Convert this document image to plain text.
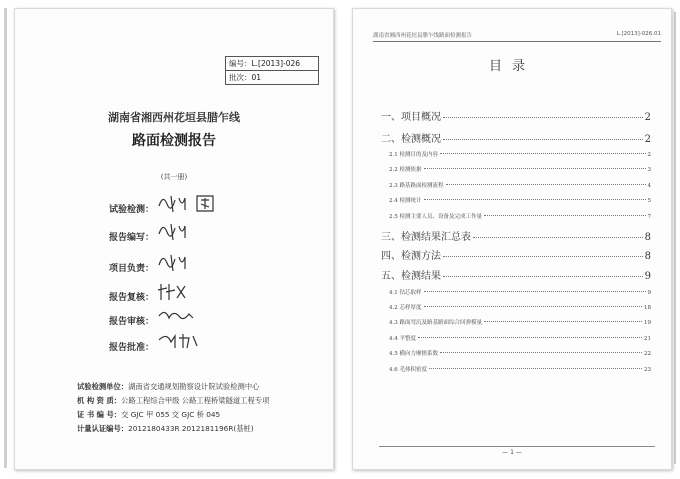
编号：L.[2013]-026
批次：01
湖南省湘西州花垣县腊乍线
路面检测报告
(共一册)
试验检测：
报告编写：
项目负责：
报告复核：
报告审核：
报告批准：
试验检测单位：湖南省交通规划勘察设计院试验检测中心
机 构 资 质：公路工程综合甲级 公路工程桥梁隧道工程专项
证 书 编 号：交 GJC 甲 055 交 GJC 桥 045
计量认证编号：2012180433R 2012181196R(基桩)
湖南省湘西州花垣县腊乍线路面检测报告	L.[2013]-026.01
目录
一、项目概况	2
二、检测概况	2
2.1 检测目的及内容	2
2.2 检测依据	3
2.3 路基路面检测流程	4
2.4 检测统计	5
2.5 检测主要人员、设备及完成工作量	7
三、检测结果汇总表	8
四、检测方法	8
五、检测结果	9
4.1 钻芯取样	9
4.2 芯样厚度	18
4.3 路面弯沉及路基路面综合回弹模量	19
4.4 平整度	21
4.5 横向力摩擦系数	22
4.6 毛体积密度	23
— 1 —
